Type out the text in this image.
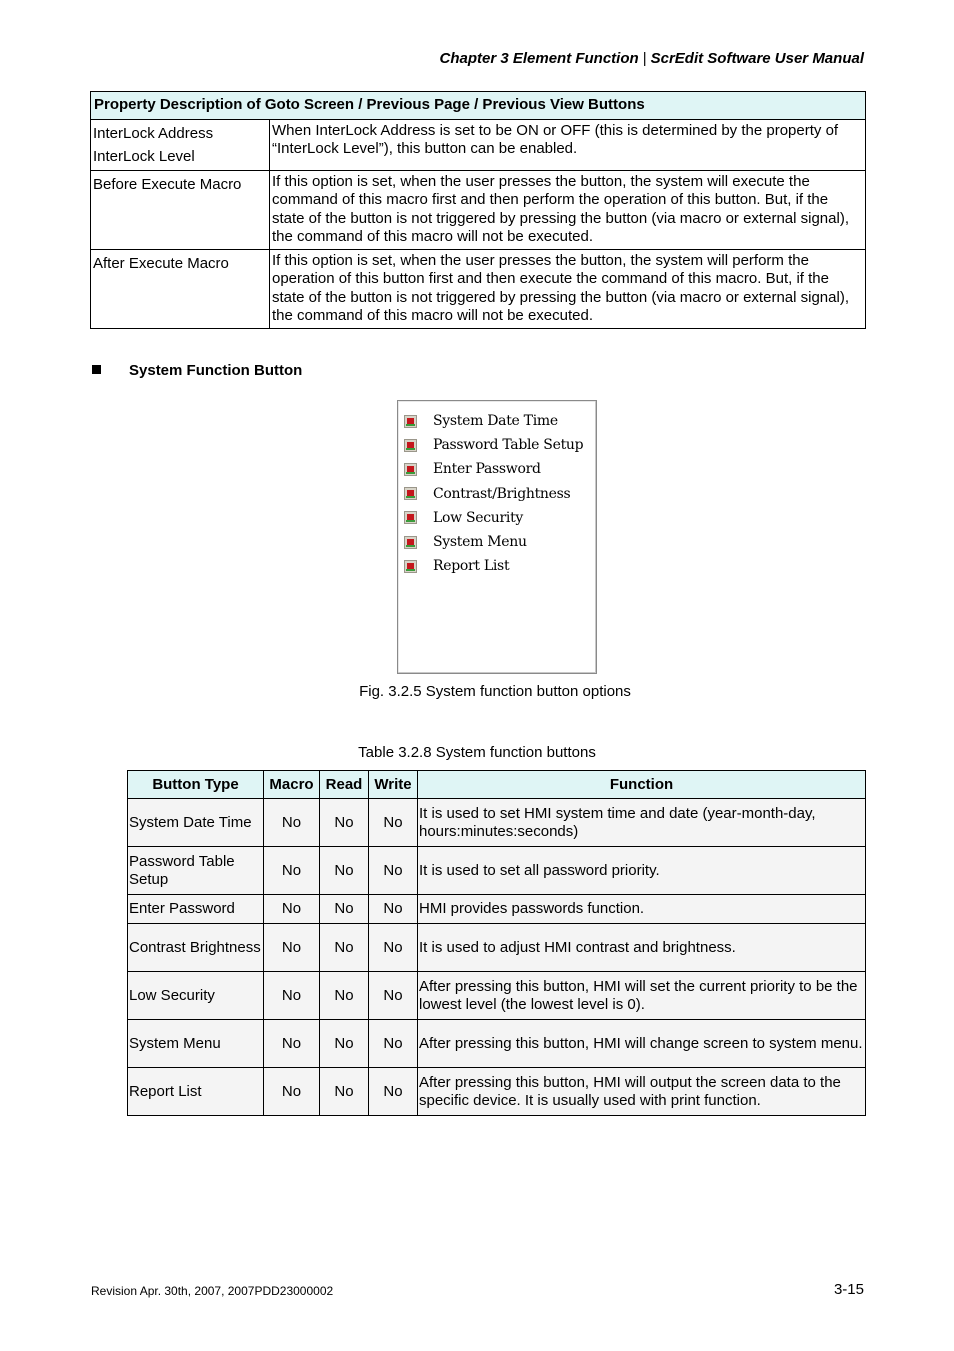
Chapter 3 Element Function | ScrEdit Software User Manual
Property Description of Goto Screen / Previous Page / Previous View Buttons	

InterLock Address
InterLock Level	When InterLock Address is set to be ON or OFF (this is determined by the property of “InterLock Level”), this button can be enabled.

Before Execute Macro	If this option is set, when the user presses the button, the system will execute the command of this macro first and then perform the operation of this button. But, if the state of the button is not triggered by pressing the button (via macro or external signal), the command of this macro will not be executed.

After Execute Macro	If this option is set, when the user presses the button, the system will perform the operation of this button first and then execute the command of this macro. But, if the state of the button is not triggered by pressing the button (via macro or external signal), the command of this macro will not be executed.
System Function Button
System Date Time
Password Table Setup
Enter Password
Contrast/Brightness
Low Security
System Menu
Report List
Fig. 3.2.5 System function button options
Table 3.2.8 System function buttons
Button Type	Macro	Read	Write	Function
System Date Time	No	No	No	It is used to set HMI system time and date (year-month-day, hours:minutes:seconds)
Password Table Setup	No	No	No	It is used to set all password priority.
Enter Password	No	No	No	HMI provides passwords function.
Contrast Brightness	No	No	No	It is used to adjust HMI contrast and brightness.
Low Security	No	No	No	After pressing this button, HMI will set the current priority to be the lowest level (the lowest level is 0).
System Menu	No	No	No	After pressing this button, HMI will change screen to system menu.
Report List	No	No	No	After pressing this button, HMI will output the screen data to the specific device. It is usually used with print function.
Revision Apr. 30th, 2007, 2007PDD23000002	3-15
